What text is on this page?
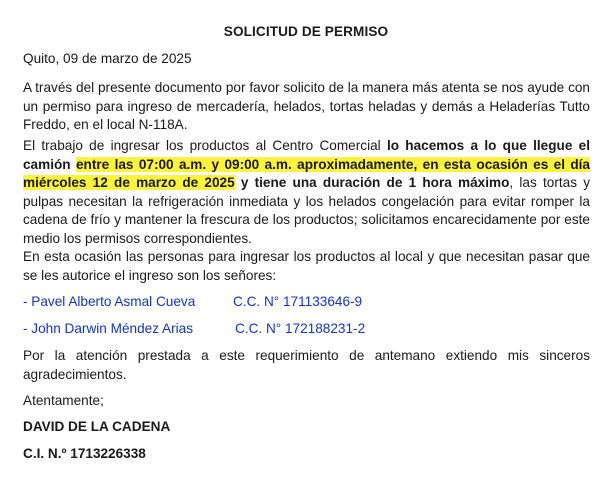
SOLICITUD DE PERMISO
Quito, 09 de marzo de 2025
A través del presente documento por favor solicito de la manera más atenta se nos ayude con un permiso para ingreso de mercadería, helados, tortas heladas y demás a Heladerías Tutto Freddo, en el local N-118A.
El trabajo de ingresar los productos al Centro Comercial lo hacemos a lo que llegue el camión entre las 07:00 a.m. y 09:00 a.m. aproximadamente, en esta ocasión es el día miércoles 12 de marzo de 2025 y tiene una duración de 1 hora máximo, las tortas y pulpas necesitan la refrigeración inmediata y los helados congelación para evitar romper la cadena de frío y mantener la frescura de los productos; solicitamos encarecidamente por este medio los permisos correspondientes.
En esta ocasión las personas para ingresar los productos al local y que necesitan pasar que se les autorice el ingreso son los señores:
- Pavel Alberto Asmal Cueva	C.C. N° 171133646-9
- John Darwin Méndez Arias	C.C. N° 172188231-2
Por la atención prestada a este requerimiento de antemano extiendo mis sinceros agradecimientos.
Atentamente;
DAVID DE LA CADENA
C.I. N.º 1713226338
